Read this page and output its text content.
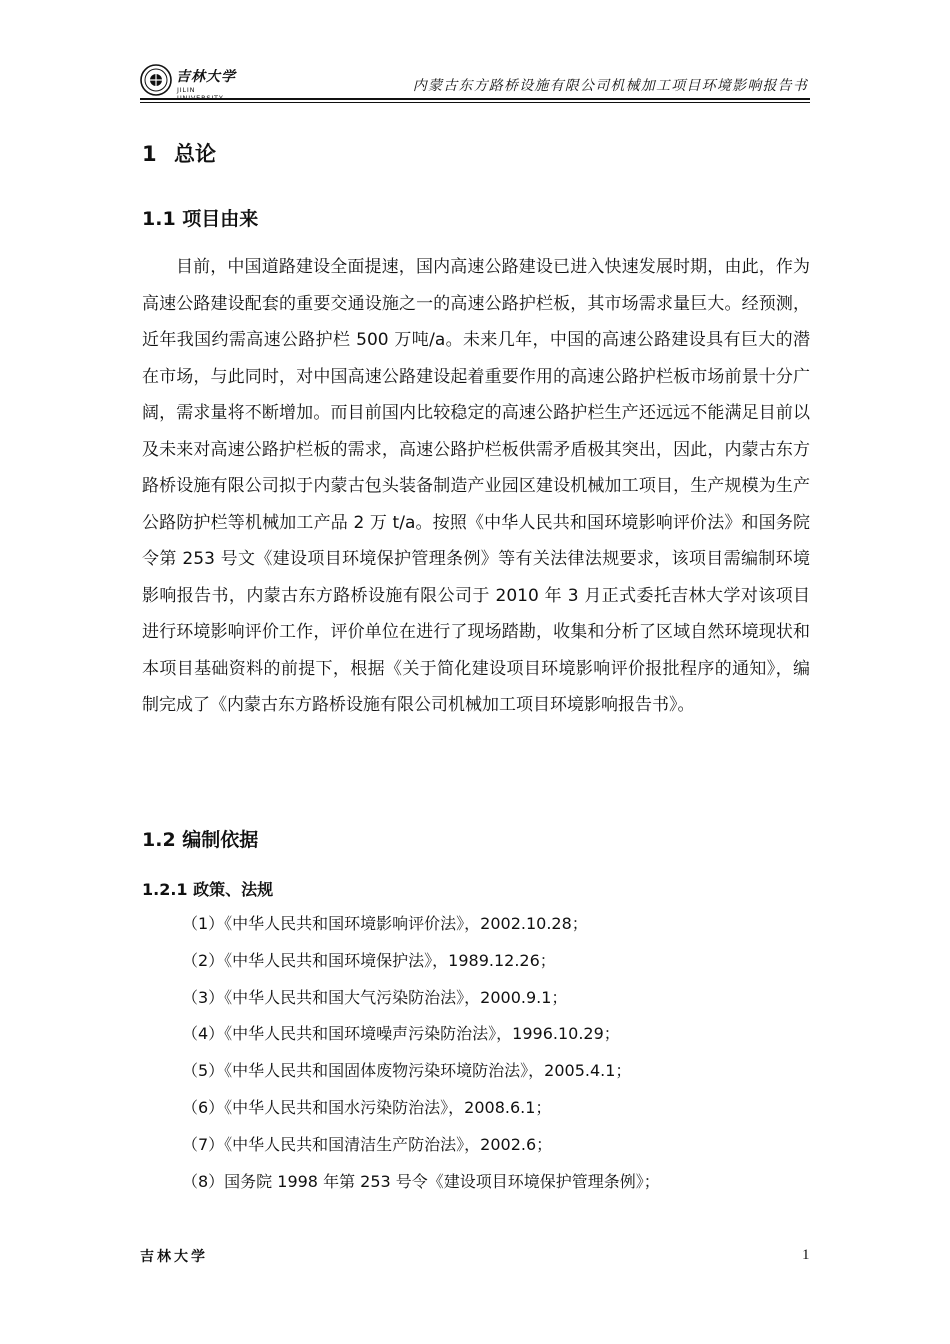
吉林大学
JILIN	内蒙古东方路桥设施有限公司机械加工项目环境影响报告书
1 总论
1.1 项目由来

目前，中国道路建设全面提速，国内高速公路建设已进入快速发展时期，由此，作为高速公路建设配套的重要交通设施之一的高速公路护栏板，其市场需求量巨大。经预测，近年我国约需高速公路护栏 500 万吨/a。未来几年，中国的高速公路建设具有巨大的潜在市场，与此同时，对中国高速公路建设起着重要作用的高速公路护栏板市场前景十分广阔，需求量将不断增加。而目前国内比较稳定的高速公路护栏生产还远远不能满足目前以及未来对高速公路护栏板的需求，高速公路护栏板供需矛盾极其突出，因此，内蒙古东方路桥设施有限公司拟于内蒙古包头装备制造产业园区建设机械加工项目，生产规模为生产公路防护栏等机械加工产品 2 万 t/a。按照《中华人民共和国环境影响评价法》和国务院令第 253 号文《建设项目环境保护管理条例》等有关法律法规要求，该项目需编制环境影响报告书，内蒙古东方路桥设施有限公司于 2010 年 3 月正式委托吉林大学对该项目进行环境影响评价工作，评价单位在进行了现场踏勘，收集和分析了区域自然环境现状和本项目基础资料的前提下，根据《关于简化建设项目环境影响评价报批程序的通知》，编制完成了《内蒙古东方路桥设施有限公司机械加工项目环境影响报告书》。

1.2 编制依据
1.2.1 政策、法规
（1）《中华人民共和国环境影响评价法》，2002.10.28；
（2）《中华人民共和国环境保护法》，1989.12.26；
（3）《中华人民共和国大气污染防治法》，2000.9.1；
（4）《中华人民共和国环境噪声污染防治法》，1996.10.29；
（5）《中华人民共和国固体废物污染环境防治法》，2005.4.1；
（6）《中华人民共和国水污染防治法》，2008.6.1；
（7）《中华人民共和国清洁生产防治法》，2002.6；
（8）国务院 1998 年第 253 号令《建设项目环境保护管理条例》；
吉林大学	1
